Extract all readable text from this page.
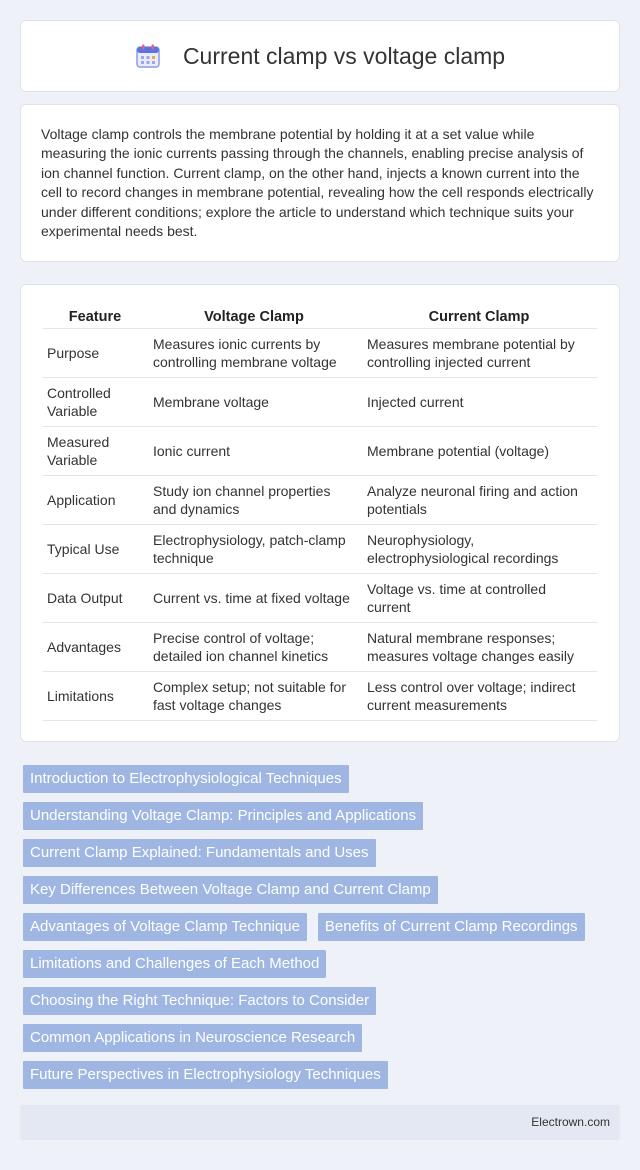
Current clamp vs voltage clamp

Voltage clamp controls the membrane potential by holding it at a set value while measuring the ionic currents passing through the channels, enabling precise analysis of ion channel function. Current clamp, on the other hand, injects a known current into the cell to record changes in membrane potential, revealing how the cell responds electrically under different conditions; explore the article to understand which technique suits your experimental needs best.

Feature	Voltage Clamp	Current Clamp
Purpose	Measures ionic currents by controlling membrane voltage	Measures membrane potential by controlling injected current
Controlled Variable	Membrane voltage	Injected current
Measured Variable	Ionic current	Membrane potential (voltage)
Application	Study ion channel properties and dynamics	Analyze neuronal firing and action potentials
Typical Use	Electrophysiology, patch-clamp technique	Neurophysiology, electrophysiological recordings
Data Output	Current vs. time at fixed voltage	Voltage vs. time at controlled current
Advantages	Precise control of voltage; detailed ion channel kinetics	Natural membrane responses; measures voltage changes easily
Limitations	Complex setup; not suitable for fast voltage changes	Less control over voltage; indirect current measurements
Introduction to Electrophysiological Techniques
Understanding Voltage Clamp: Principles and Applications
Current Clamp Explained: Fundamentals and Uses
Key Differences Between Voltage Clamp and Current Clamp
Advantages of Voltage Clamp Technique	Benefits of Current Clamp Recordings
Limitations and Challenges of Each Method
Choosing the Right Technique: Factors to Consider
Common Applications in Neuroscience Research
Future Perspectives in Electrophysiology Techniques
Electrown.com
